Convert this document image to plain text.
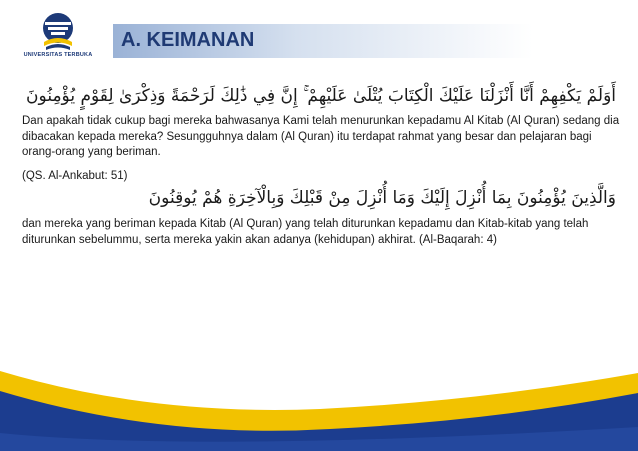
UNIVERSITAS TERBUKA
A. KEIMANAN
أَوَلَمْ يَكْفِهِمْ أَنَّا أَنْزَلْنَا عَلَيْكَ الْكِتَابَ يُتْلَىٰ عَلَيْهِمْ ۚ إِنَّ فِي ذَٰلِكَ لَرَحْمَةً وَذِكْرَىٰ لِقَوْمٍ يُؤْمِنُونَ
Dan apakah tidak cukup bagi mereka bahwasanya Kami telah menurunkan kepadamu Al Kitab (Al Quran) sedang dia dibacakan kepada mereka? Sesungguhnya dalam (Al Quran) itu terdapat rahmat yang besar dan pelajaran bagi orang-orang yang beriman.
(QS. Al-Ankabut: 51)
وَالَّذِينَ يُؤْمِنُونَ بِمَا أُنْزِلَ إِلَيْكَ وَمَا أُنْزِلَ مِنْ قَبْلِكَ وَبِالْآخِرَةِ هُمْ يُوقِنُونَ
dan mereka yang beriman kepada Kitab (Al Quran) yang telah diturunkan kepadamu dan Kitab-kitab yang telah diturunkan sebelummu, serta mereka yakin akan adanya (kehidupan) akhirat. (Al-Baqarah: 4)
